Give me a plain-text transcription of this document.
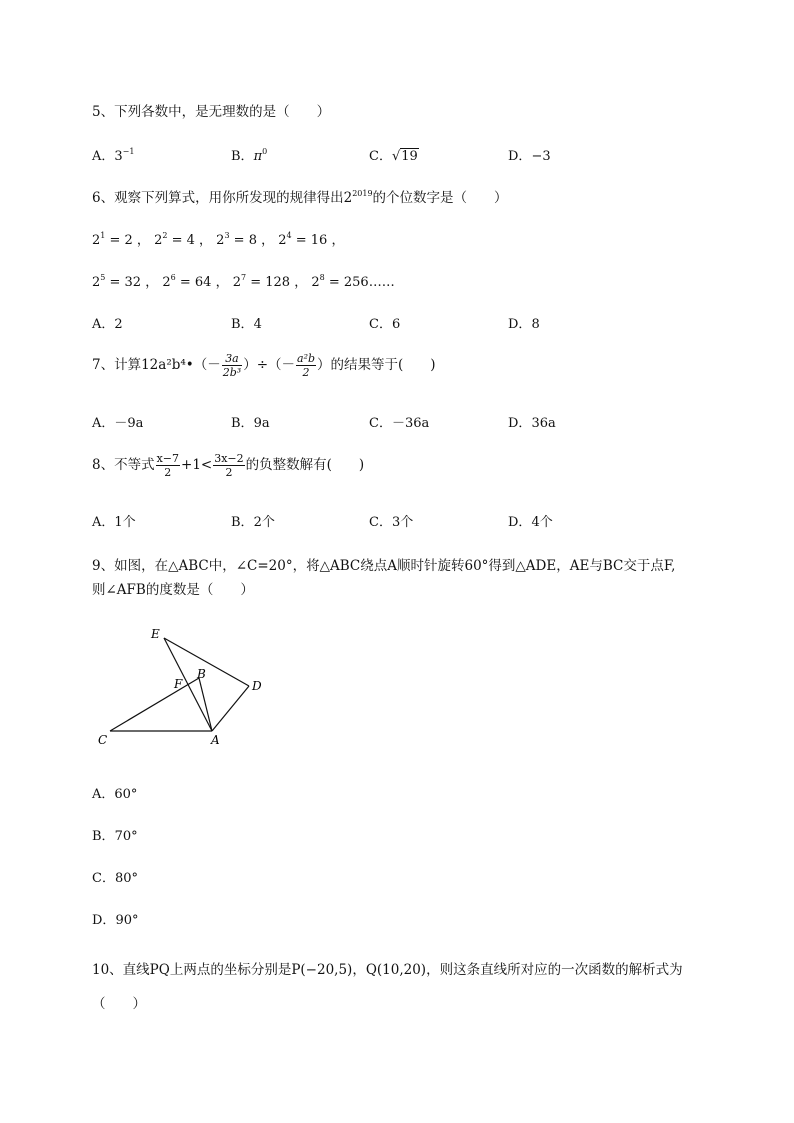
5、下列各数中，是无理数的是（　　）
A．$3^{-1}$	B．$\pi^0$	C．√19	D．−3
6、观察下列算式，用你所发现的规律得出$2^{2019}$的个位数字是（　　）
$2^1 = 2$ ， $2^2 = 4$ ， $2^3 = 8$ ， $2^4 = 16$ ，
$2^5 = 32$ ， $2^6 = 64$ ， $2^7 = 128$ ， $2^8$ = 256……
A．2	B．4	C．6	D．8
7、计算12a²b⁴•（－ $\frac{3a}{\text{2b³}}$ ）÷（－ $\frac{\text{a²b}}{2}$ ）的结果等于(　　)
A．－9a	B．9a	C．－36a	D．36a
8、不等式 $\frac{x-7}{2} +1< \frac{3x-2}{2}$ 的负整数解有(　　)
A．1个	B．2个	C．3个	D．4个
9、如图，在△ABC中，∠C=20°，将△ABC绕点A顺时针旋转60°得到△ADE，AE与BC交于点F,
则∠AFB的度数是（　　）
E
B
F	D
C	A
A．60°
B．70°
C．80°
D．90°
10、直线PQ上两点的坐标分别是P(−20,5)，Q(10,20)，则这条直线所对应的一次函数的解析式为
（　　）
